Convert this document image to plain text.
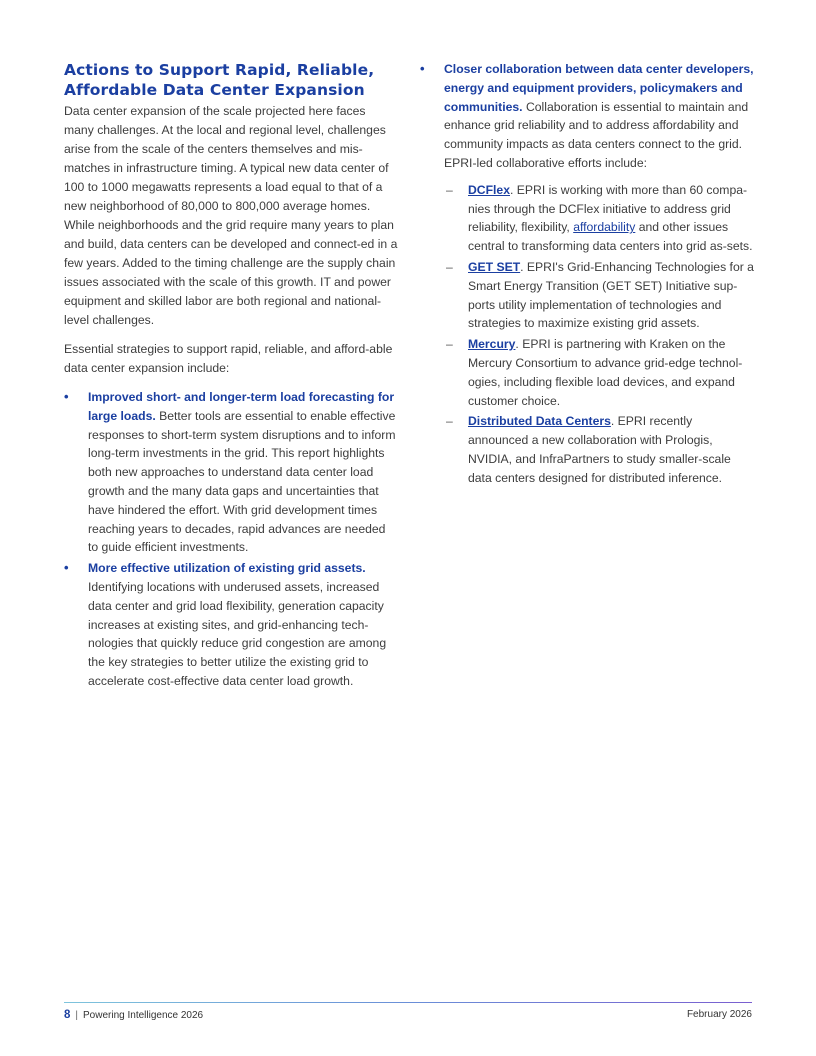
Actions to Support Rapid, Reliable, Affordable Data Center Expansion

Data center expansion of the scale projected here faces many challenges. At the local and regional level, challenges arise from the scale of the centers themselves and mis-matches in infrastructure timing. A typical new data center of 100 to 1000 megawatts represents a load equal to that of a new neighborhood of 80,000 to 800,000 average homes. While neighborhoods and the grid require many years to plan and build, data centers can be developed and connect-ed in a few years. Added to the timing challenge are the supply chain issues associated with the scale of this growth. IT and power equipment and skilled labor are both regional and national-level challenges.

Essential strategies to support rapid, reliable, and afford-able data center expansion include:

• Improved short- and longer-term load forecasting for large loads. Better tools are essential to enable effective responses to short-term system disruptions and to inform long-term investments in the grid. This report highlights both new approaches to understand data center load growth and the many data gaps and uncertainties that have hindered the effort. With grid development times reaching years to decades, rapid advances are needed to guide efficient investments.
• More effective utilization of existing grid assets. Identifying locations with underused assets, increased data center and grid load flexibility, generation capacity increases at existing sites, and grid-enhancing tech-nologies that quickly reduce grid congestion are among the key strategies to better utilize the existing grid to accelerate cost-effective data center load growth.
• Closer collaboration between data center developers, energy and equipment providers, policymakers and communities. Collaboration is essential to maintain and enhance grid reliability and to address affordability and community impacts as data centers connect to the grid. EPRI-led collaborative efforts include:
– DCFlex. EPRI is working with more than 60 compa-nies through the DCFlex initiative to address grid reliability, flexibility, affordability and other issues central to transforming data centers into grid as-sets.
– GET SET. EPRI's Grid-Enhancing Technologies for a Smart Energy Transition (GET SET) Initiative sup-ports utility implementation of technologies and strategies to maximize existing grid assets.
– Mercury. EPRI is partnering with Kraken on the Mercury Consortium to advance grid-edge technol-ogies, including flexible load devices, and expand customer choice.
– Distributed Data Centers. EPRI recently announced a new collaboration with Prologis, NVIDIA, and InfraPartners to study smaller-scale data centers designed for distributed inference.
8 | Powering Intelligence 2026	February 2026
